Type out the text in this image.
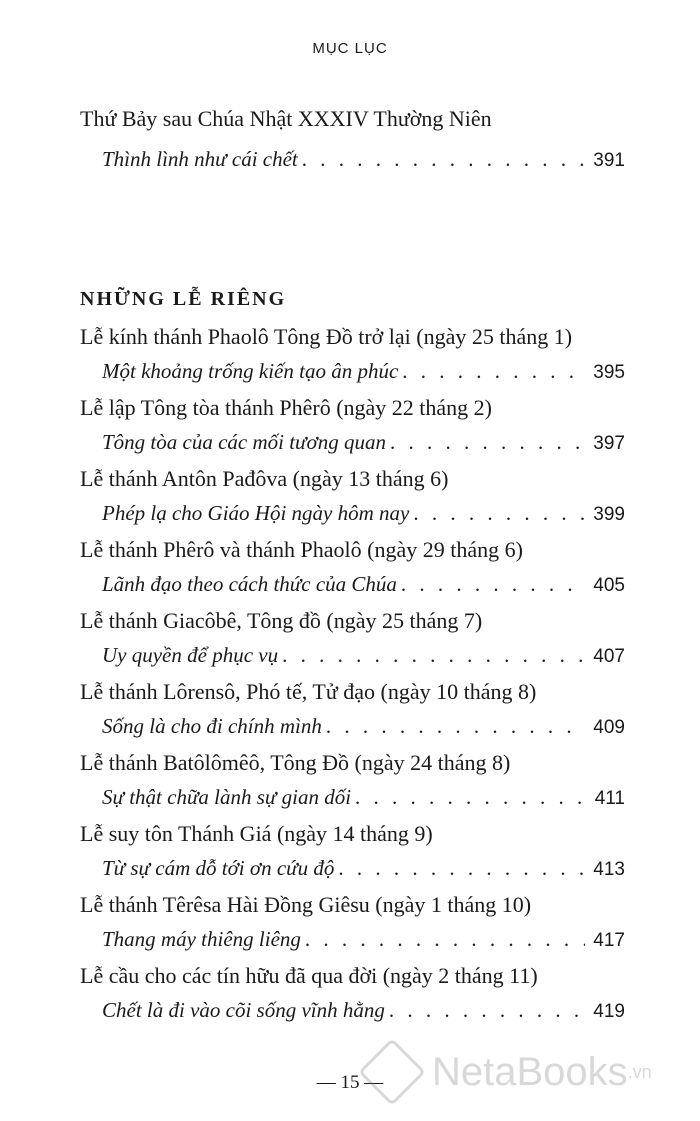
MỤC LỤC
Thứ Bảy sau Chúa Nhật XXXIV Thường Niên
Thình lình như cái chết . . .	391
NHỮNG LỄ RIÊNG
Lễ kính thánh Phaolô Tông Đồ trở lại (ngày 25 tháng 1)
Một khoảng trống kiến tạo ân phúc . . .	395
Lễ lập Tông tòa thánh Phêrô (ngày 22 tháng 2)
Tông tòa của các mối tương quan . . .	397
Lễ thánh Antôn Pađôva (ngày 13 tháng 6)
Phép lạ cho Giáo Hội ngày hôm nay . . .	399
Lễ thánh Phêrô và thánh Phaolô (ngày 29 tháng 6)
Lãnh đạo theo cách thức của Chúa . . .	405
Lễ thánh Giacôbê, Tông đồ (ngày 25 tháng 7)
Uy quyền để phục vụ . . .	407
Lễ thánh Lôrensô, Phó tế, Tử đạo (ngày 10 tháng 8)
Sống là cho đi chính mình . . .	409
Lễ thánh Batôlômêô, Tông Đồ (ngày 24 tháng 8)
Sự thật chữa lành sự gian dối . . .	411
Lễ suy tôn Thánh Giá (ngày 14 tháng 9)
Từ sự cám dỗ tới ơn cứu độ . . .	413
Lễ thánh Têrêsa Hài Đồng Giêsu (ngày 1 tháng 10)
Thang máy thiêng liêng . . .	417
Lễ cầu cho các tín hữu đã qua đời (ngày 2 tháng 11)
Chết là đi vào cõi sống vĩnh hằng . . .	419
— 15 —	NetaBooks .vn
